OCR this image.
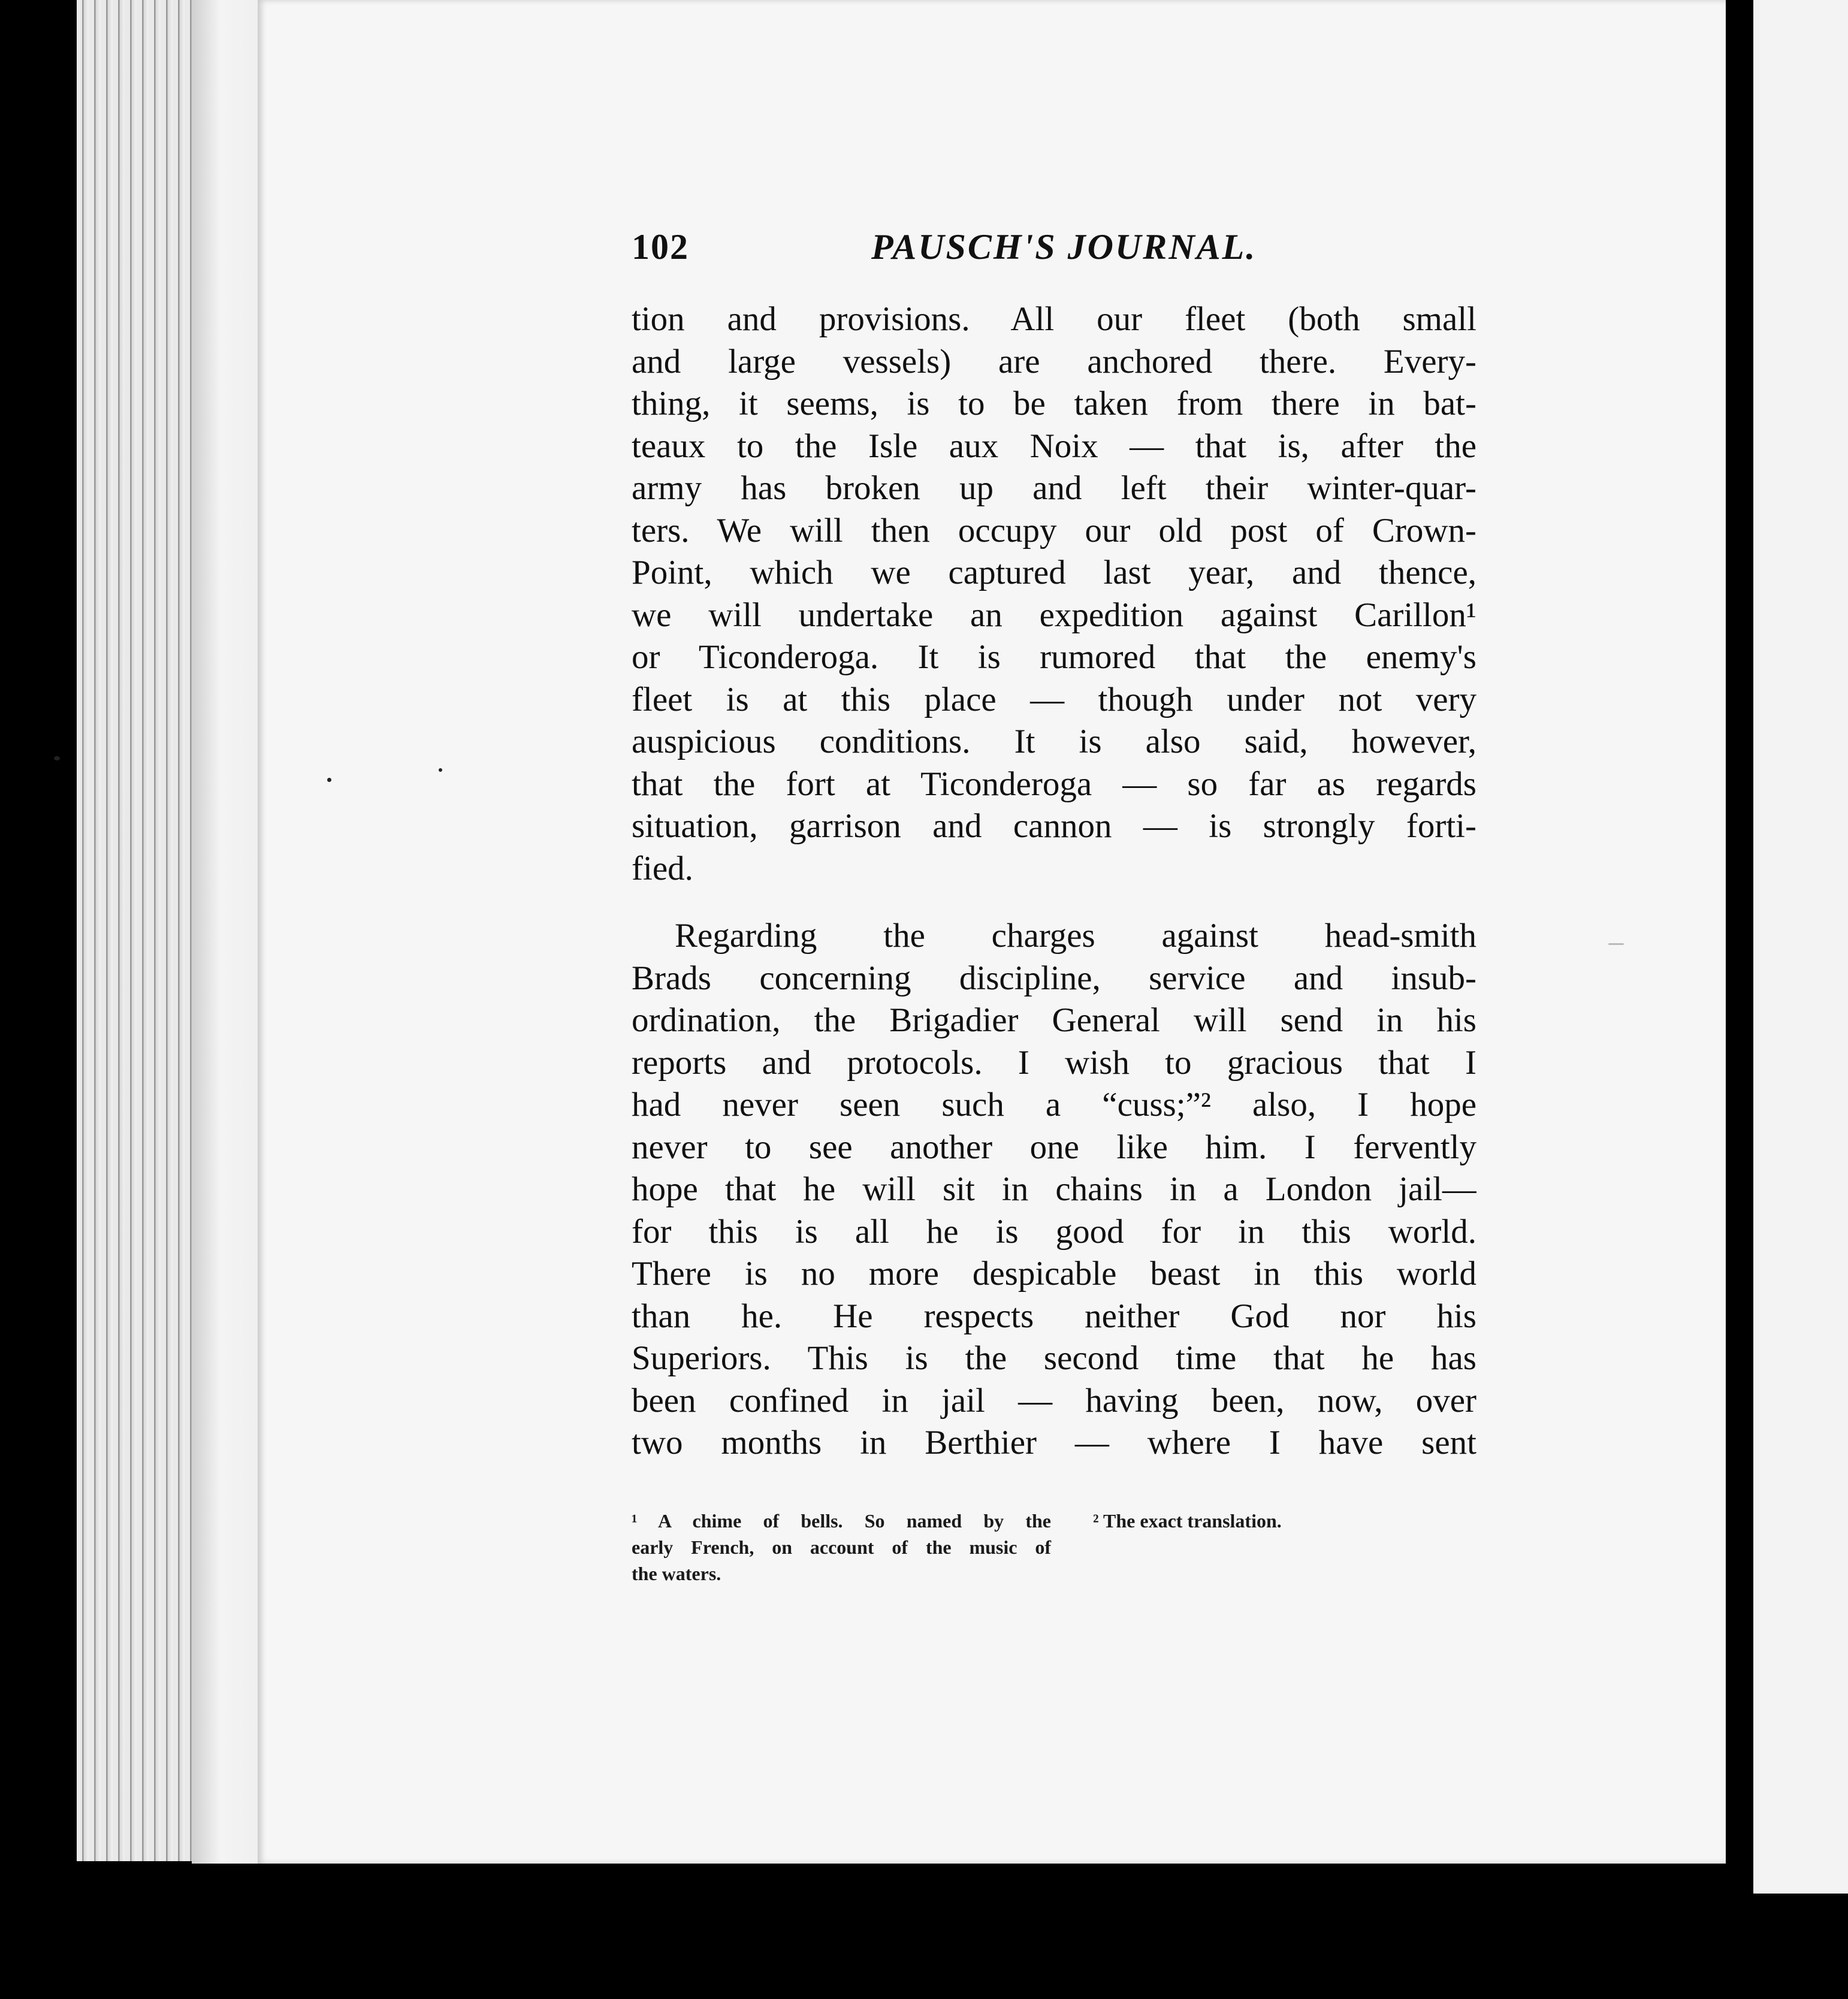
102	PAUSCH'S JOURNAL.
tion and provisions. All our fleet (both small
and large vessels) are anchored there. Every-
thing, it seems, is to be taken from there in bat-
teaux to the Isle aux Noix — that is, after the
army has broken up and left their winter-quar-
ters. We will then occupy our old post of Crown-
Point, which we captured last year, and thence,
we will undertake an expedition against Carillon¹
or Ticonderoga. It is rumored that the enemy's
fleet is at this place — though under not very
auspicious conditions. It is also said, however,
that the fort at Ticonderoga — so far as regards
situation, garrison and cannon — is strongly forti-
fied.
Regarding the charges against head-smith
Brads concerning discipline, service and insub-
ordination, the Brigadier General will send in his
reports and protocols. I wish to gracious that I
had never seen such a “cuss;”² also, I hope
never to see another one like him. I fervently
hope that he will sit in chains in a London jail—
for this is all he is good for in this world.
There is no more despicable beast in this world
than he. He respects neither God nor his
Superiors. This is the second time that he has
been confined in jail — having been, now, over
two months in Berthier — where I have sent
¹ A chime of bells. So named by the
early French, on account of the music of
the waters.
² The exact translation.
